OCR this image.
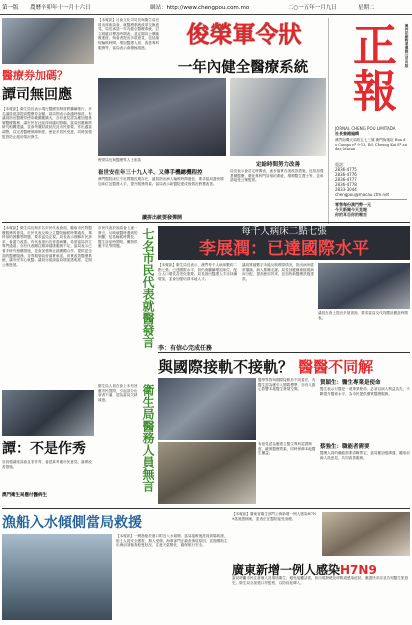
第一版 農曆辛卯年十一月十六日	網站：http://www.chengpou.com.mo	二○一五年一月九日	星期二
正報	澳門印刷物業傳媒公司出版
JORNAL CHENG POU LIMITADA
社長兼總編輯
澳門南灣大馬路五七三號 澳門街地址 Rua do Campo nº 9-13, Ed. Cheung Kai 8º andar, Macau
電話：
2836-4775
2836-4776
2836-4777
2836-4778
2833-3044
chengpou@macau.ctm.net
零售每份澳門幣一元
今天新聞今天見報
你的耳目你的喉舌
醫療券加碼？
譚司無回應
【本報訊】衛生局長表示現行醫療券制度將繼續推行，多名議員促請提高醫療券金額，當局則表示會適時檢討。有議員指出醫療券使用範圍應擴大，亦有意見認為應加強基層醫療服務，讓市民在社區得到適切照顧。當局回應稱將研究相關建議，並會考慮財政狀況及市民需要，作出適當調整，以完善醫療保障制度，使更多居民受惠，同時加強監管防止濫用情況發生。
【本報訊】社會文化司司長與衛生局官員出席座談會，就醫療系統改革交換意見。局長承諾一年內健全醫療系統，訂立明確目標及時間表，並定期向公眾匯報進度。與會者提出多項意見，包括縮短輪候時間、增加醫護人員、改善專科服務等，當局表示會積極跟進。	俊榮軍令狀
一年內健全醫療系統
俊榮局長與醫療界人士座談
崔世安在年三十九人半、又傳手機總機程控
澳門醫院床位不足問題長期存在，議員指出病人輪候時間過長，要求當局盡快增加床位及醫護人手，提升服務質素。當局表示新醫院建成後情況將獲改善。
定給時間努力改善
局長表示會訂定時間表，逐步落實各項改善措施，包括加強基層醫療、優化專科門診預約系統、增聘醫生護士等，並承諾接受公眾監督。
讀拼出統要發彈開
【本報訊】衛生局長與多名市民代表會面，聽取市民對醫療服務的意見。市民代表反映公立醫院輪候時間過長、專科預約困難等問題，要求當局正視。局長表示理解市民訴求，會盡力改善。有代表指出長者看病難，希望當局設立專門通道；亦有代表關注精神健康服務不足。當局表示已著手研究相關措施，並會加強與社區團體合作，提供更全面的醫療服務。各界期望政府落實承諾，切實改善醫療系統，讓市民安心就醫。議員亦促請當局增加透明度，定期公佈進展。	七名市民代表就醫發言
市民代表於座談會上逐一發言，反映就醫時遇到的困難，包括輪候時間長、醫生診症時間短、藥物供應不足等問題。
每千人病床二點七張
李展潤：已達國際水平
【本報訊】衛生局長表示，澳門每千人病床數約二點七張，已達國際水平，但仍會繼續增加床位，配合人口增長及老化需要。局長指出醫護人手亦持續增加，並會加強培訓本地人才。
議員質疑數字未能反映實際情況，指出病房經常爆滿，病人要睡走廊。局長回應稱會檢視病床分配，提高使用效率，並加快新醫療設施建設。
議員在會上提出多項查詢，要求當局交代具體計劃及時間表。
李：有信心完成任務
與國際接軌不接軌？ 醫醫不同解
醫學界對與國際接軌有不同看法，有醫生認為應引入國際標準，亦有人擔心影響本地醫生發展空間。
賀穎生：醫生專業是使命
醫生表示行醫是一項專業使命，必須以病人利益為先，不斷提升醫術水平，為市民提供優質醫療服務。
有意見認為應建立醫生專科認證制度，確保醫療質素，同時保障本地醫生權益。
蔡強生：職能者需要
醫療人員的職能需要清晰界定，當局應加強溝通，聽取前線人員意見，共同改善服務。
譚：不是作秀
官員強調座談會並非作秀，會認真考慮市民意見，落實改善措施。
澳門衛生局應付醫病生
衛生局醫務人員無言
衛生局人員在會上未有回應市民提問，引起部分出席者不滿，認為當局欠缺誠意。
漁船入水傾側當局救援
【本報訊】一艘漁船於港口附近入水傾側，當局接報後派員到場救援，船上人員安全獲救，無人受傷。海事部門正調查事故原因，並提醒船主出海前須檢查船隻狀況，注意天氣變化，確保航行安全。
【本報訊】廣東省衛生部門公佈新增一例人感染H7N9禽流感個案，患者正在醫院接受治療。
廣東新增一例人感染H7N9
當局呼籲市民注意個人及環境衛生，避免接觸活禽，如出現發燒及呼吸道感染症狀，應盡快求診並告知醫生旅遊史。衛生局亦加強口岸監察，以防疫症傳入。
